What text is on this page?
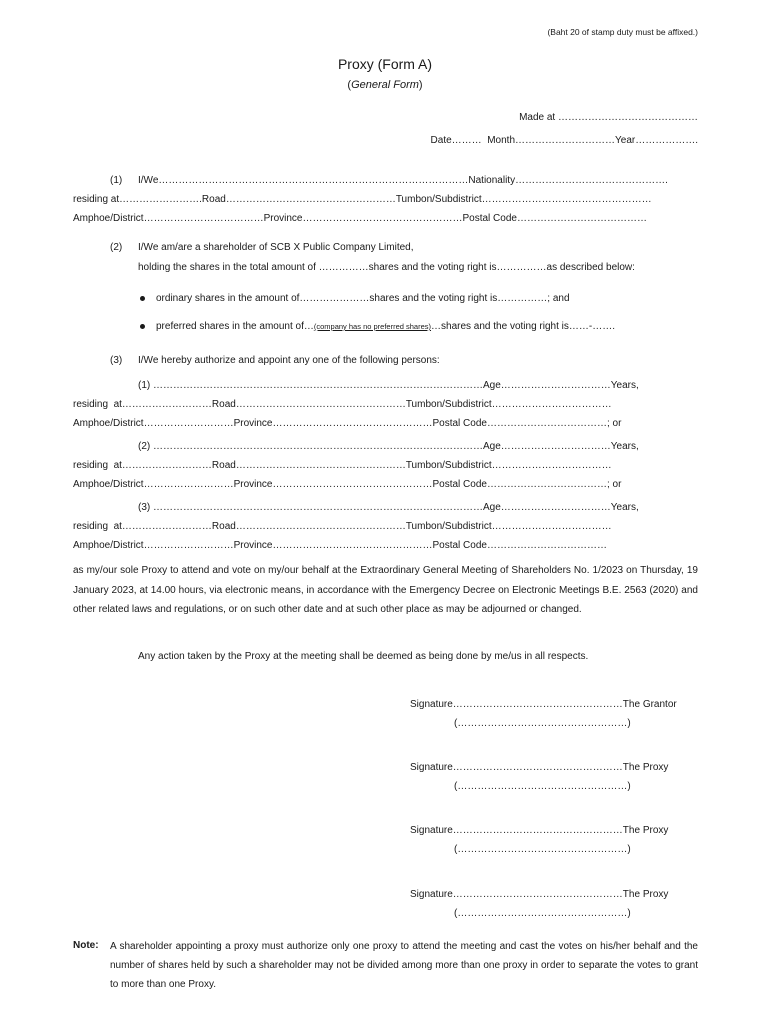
(Baht 20 of stamp duty must be affixed.)
Proxy (Form A)
(General Form)
Made at ……………………………………
Date………  Month…………………………Year……………….
(1) I/We…………………………………………………………………………………Nationality……………………………………….
residing at…………………….Road……………………………………………Tumbon/Subdistrict……………………………………………
Amphoe/District………………………………Province…………………………………………Postal Code…………………………………
(2) I/We am/are a shareholder of SCB X Public Company Limited,
holding the shares in the total amount of ……………shares and the voting right is……………as described below:
ordinary shares in the amount of…………………shares and the voting right is……………; and
preferred shares in the amount of…(company has no preferred shares)…shares and the voting right is……-…….
(3) I/We hereby authorize and appoint any one of the following persons:
(1) ………………………………………………………………………………………Age……………………………Years,
residing  at………………………Road……………………………………………Tumbon/Subdistrict………………………………
Amphoe/District………………………Province…………………………………………Postal Code………………………………; or
(2) ………………………………………………………………………………………Age……………………………Years,
residing  at………………………Road……………………………………………Tumbon/Subdistrict………………………………
Amphoe/District………………………Province…………………………………………Postal Code………………………………; or
(3) ………………………………………………………………………………………Age……………………………Years,
residing  at………………………Road……………………………………………Tumbon/Subdistrict………………………………
Amphoe/District………………………Province…………………………………………Postal Code………………………………
as my/our sole Proxy to attend and vote on my/our behalf at the Extraordinary General Meeting of Shareholders No. 1/2023 on Thursday, 19 January 2023, at 14.00 hours, via electronic means, in accordance with the Emergency Decree on Electronic Meetings B.E. 2563 (2020) and other related laws and regulations, or on such other date and at such other place as may be adjourned or changed.
Any action taken by the Proxy at the meeting shall be deemed as being done by me/us in all respects.
Signature……………………………………………The Grantor
(……………………………………………)
Signature……………………………………………The Proxy
(……………………………………………)
Signature……………………………………………The Proxy
(……………………………………………)
Signature……………………………………………The Proxy
(……………………………………………)
Note: A shareholder appointing a proxy must authorize only one proxy to attend the meeting and cast the votes on his/her behalf and the number of shares held by such a shareholder may not be divided among more than one proxy in order to separate the votes to grant to more than one Proxy.
